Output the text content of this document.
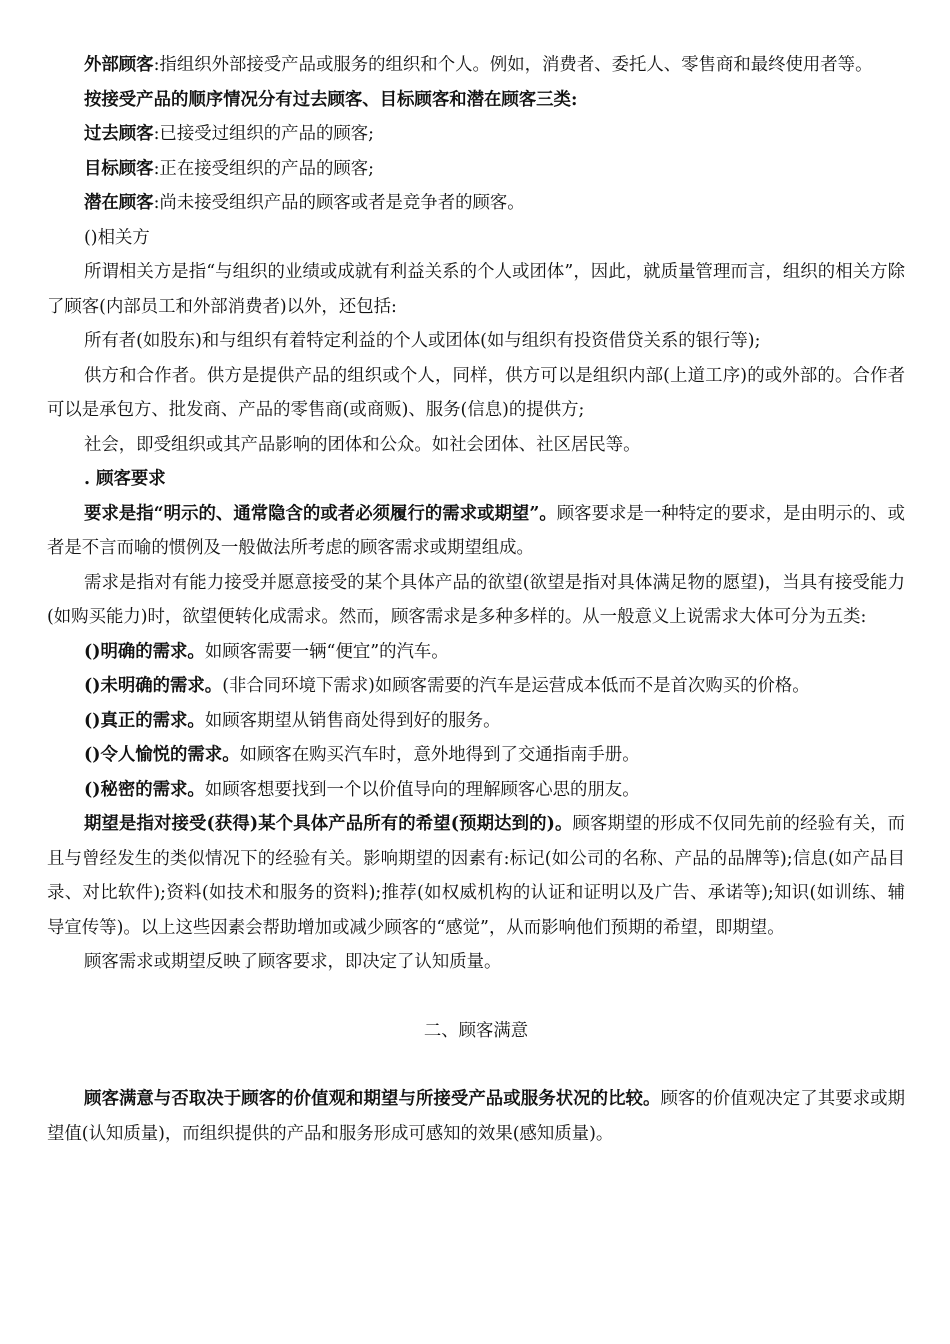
外部顾客:指组织外部接受产品或服务的组织和个人。例如，消费者、委托人、零售商和最终使用者等。

按接受产品的顺序情况分有过去顾客、目标顾客和潜在顾客三类:

过去顾客:已接受过组织的产品的顾客;

目标顾客:正在接受组织的产品的顾客;

潜在顾客:尚未接受组织产品的顾客或者是竞争者的顾客。

()相关方

所谓相关方是指“与组织的业绩或成就有利益关系的个人或团体”，因此，就质量管理而言，组织的相关方除了顾客(内部员工和外部消费者)以外，还包括:

所有者(如股东)和与组织有着特定利益的个人或团体(如与组织有投资借贷关系的银行等);

供方和合作者。供方是提供产品的组织或个人，同样，供方可以是组织内部(上道工序)的或外部的。合作者可以是承包方、批发商、产品的零售商(或商贩)、服务(信息)的提供方;

社会，即受组织或其产品影响的团体和公众。如社会团体、社区居民等。

. 顾客要求

要求是指“明示的、通常隐含的或者必须履行的需求或期望”。顾客要求是一种特定的要求，是由明示的、或者是不言而喻的惯例及一般做法所考虑的顾客需求或期望组成。

需求是指对有能力接受并愿意接受的某个具体产品的欲望(欲望是指对具体满足物的愿望)，当具有接受能力(如购买能力)时，欲望便转化成需求。然而，顾客需求是多种多样的。从一般意义上说需求大体可分为五类:

()明确的需求。如顾客需要一辆“便宜”的汽车。

()未明确的需求。(非合同环境下需求)如顾客需要的汽车是运营成本低而不是首次购买的价格。

()真正的需求。如顾客期望从销售商处得到好的服务。

()令人愉悦的需求。如顾客在购买汽车时，意外地得到了交通指南手册。

()秘密的需求。如顾客想要找到一个以价值导向的理解顾客心思的朋友。

期望是指对接受(获得)某个具体产品所有的希望(预期达到的)。顾客期望的形成不仅同先前的经验有关，而且与曾经发生的类似情况下的经验有关。影响期望的因素有:标记(如公司的名称、产品的品牌等);信息(如产品目录、对比软件);资料(如技术和服务的资料);推荐(如权威机构的认证和证明以及广告、承诺等);知识(如训练、辅导宣传等)。以上这些因素会帮助增加或减少顾客的“感觉”，从而影响他们预期的希望，即期望。

顾客需求或期望反映了顾客要求，即决定了认知质量。

二、顾客满意

顾客满意与否取决于顾客的价值观和期望与所接受产品或服务状况的比较。顾客的价值观决定了其要求或期望值(认知质量)，而组织提供的产品和服务形成可感知的效果(感知质量)。
